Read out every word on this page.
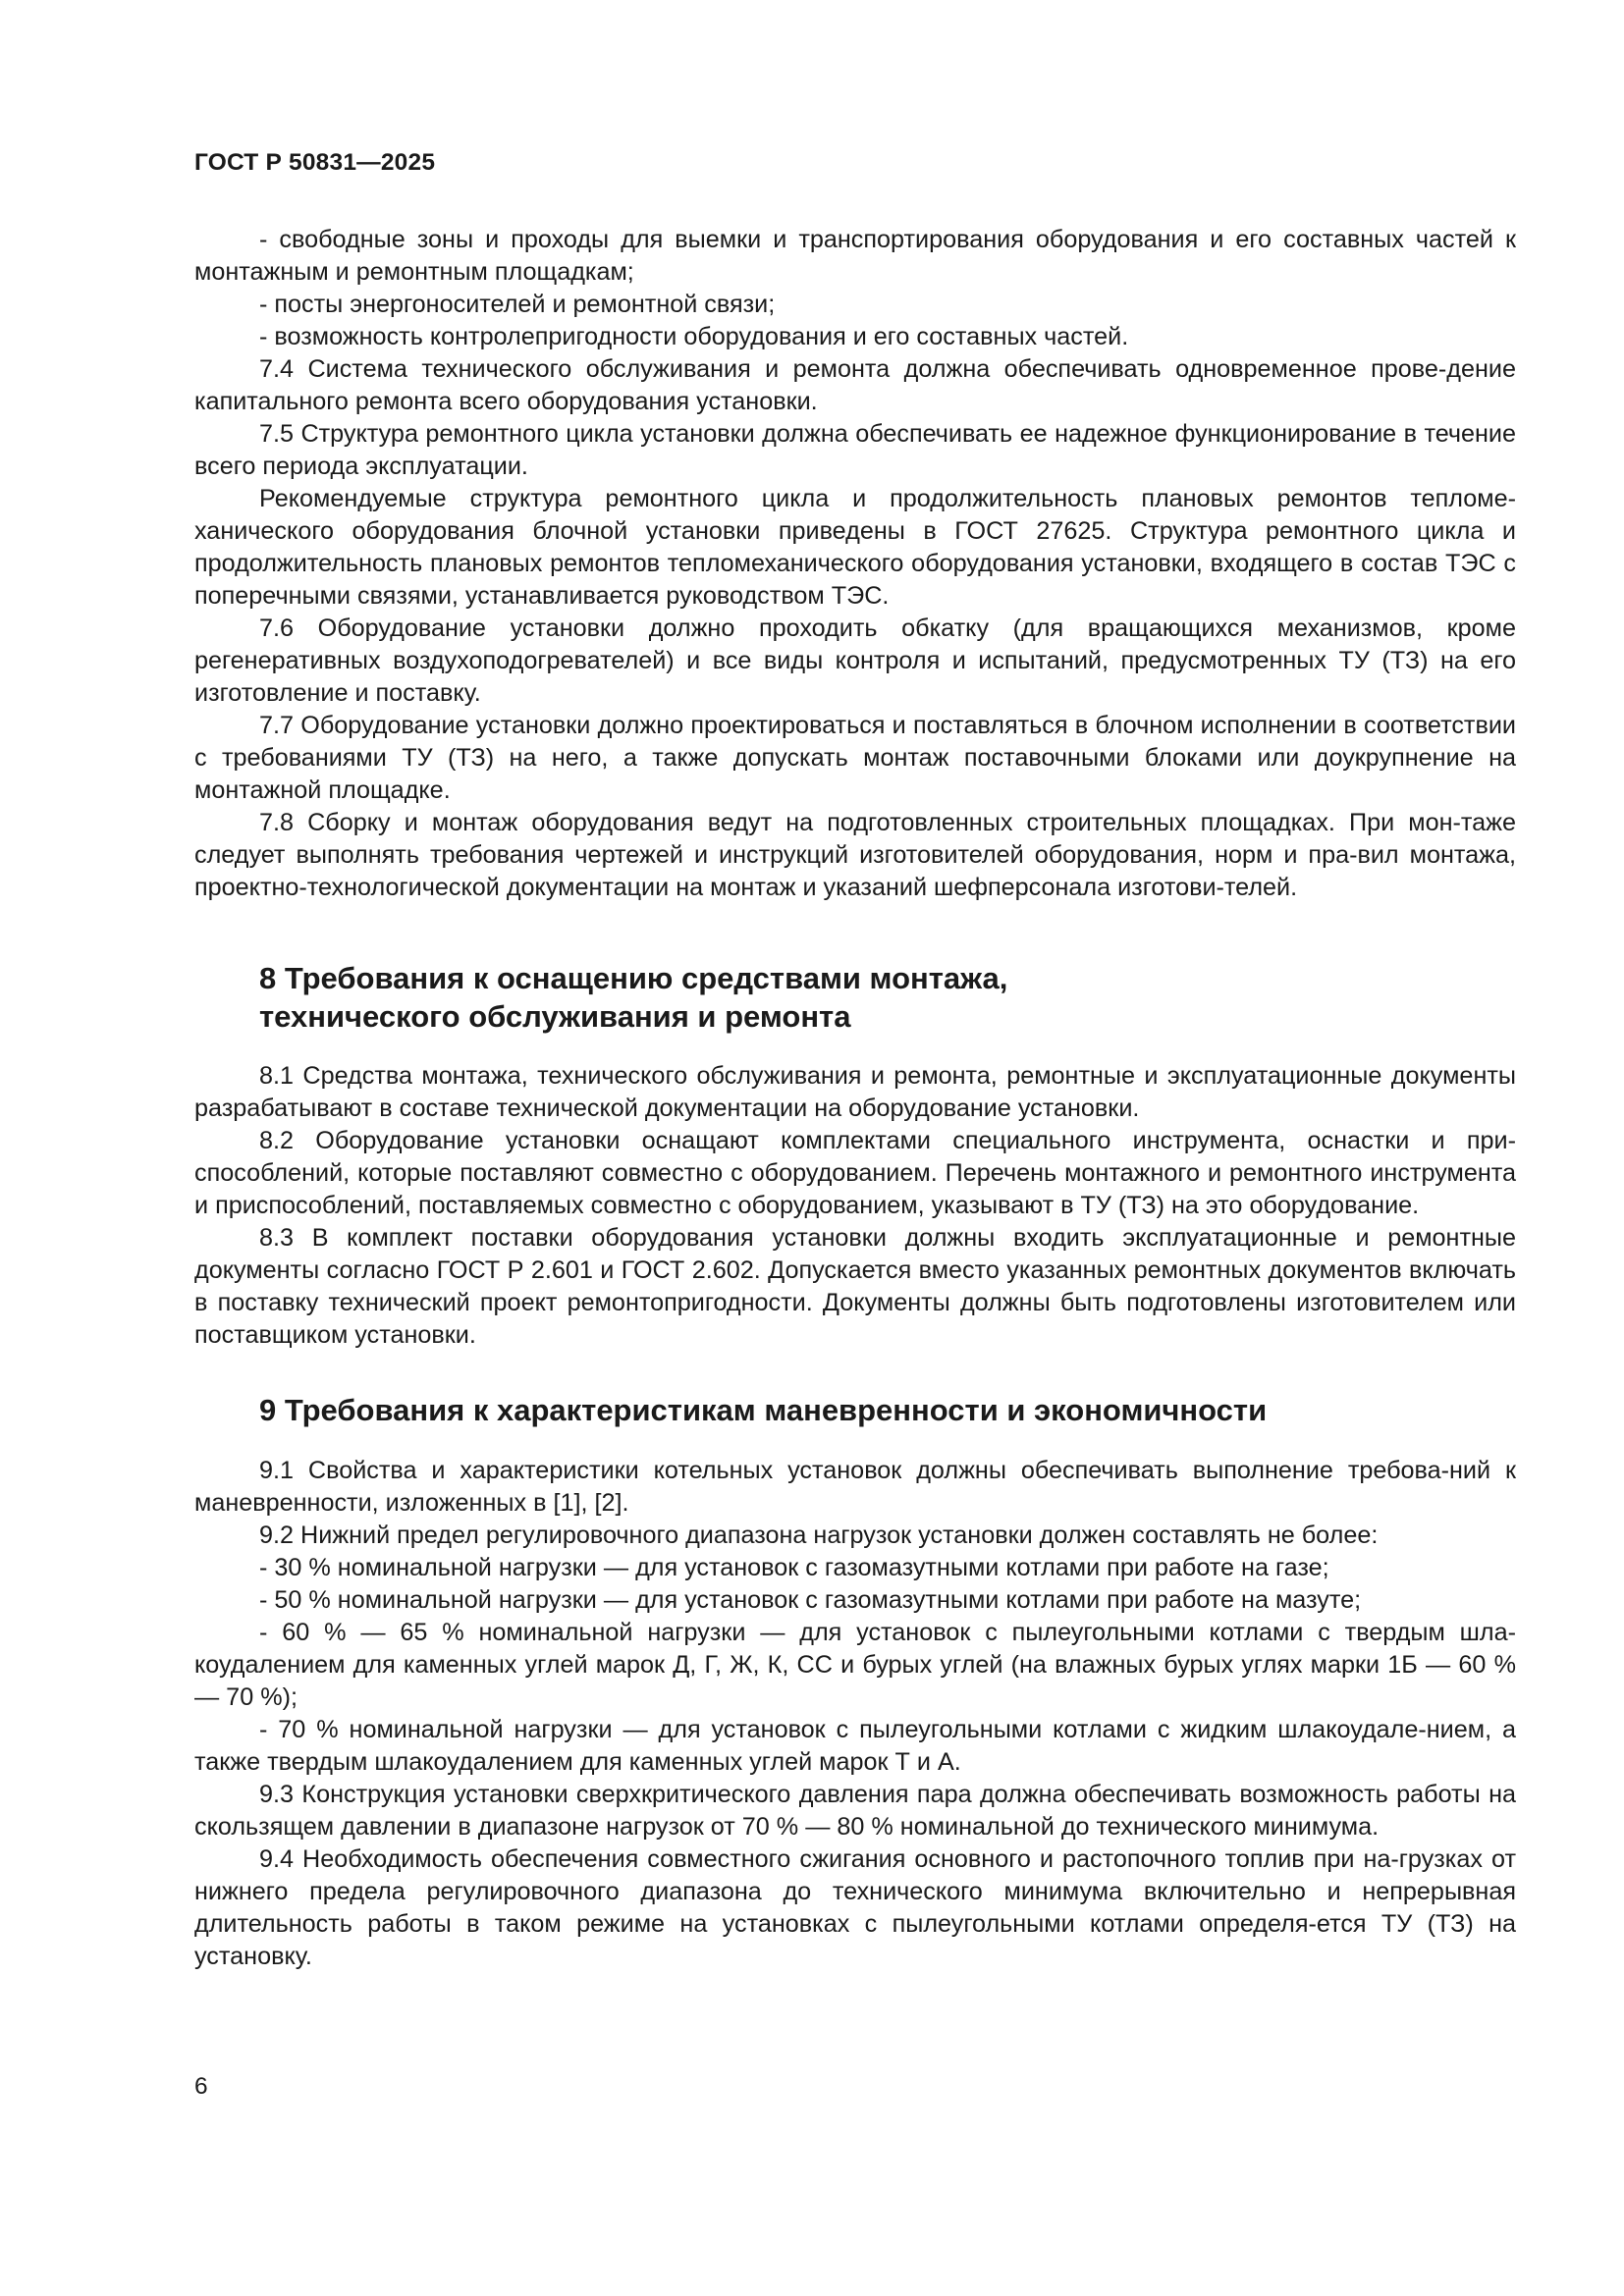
ГОСТ Р 50831—2025

- свободные зоны и проходы для выемки и транспортирования оборудования и его составных частей к монтажным и ремонтным площадкам;

- посты энергоносителей и ремонтной связи;

- возможность контролепригодности оборудования и его составных частей.

7.4 Система технического обслуживания и ремонта должна обеспечивать одновременное прове-дение капитального ремонта всего оборудования установки.

7.5 Структура ремонтного цикла установки должна обеспечивать ее надежное функционирование в течение всего периода эксплуатации.

Рекомендуемые структура ремонтного цикла и продолжительность плановых ремонтов тепломе-ханического оборудования блочной установки приведены в ГОСТ 27625. Структура ремонтного цикла и продолжительность плановых ремонтов тепломеханического оборудования установки, входящего в состав ТЭС с поперечными связями, устанавливается руководством ТЭС.

7.6 Оборудование установки должно проходить обкатку (для вращающихся механизмов, кроме регенеративных воздухоподогревателей) и все виды контроля и испытаний, предусмотренных ТУ (ТЗ) на его изготовление и поставку.

7.7 Оборудование установки должно проектироваться и поставляться в блочном исполнении в соответствии с требованиями ТУ (ТЗ) на него, а также допускать монтаж поставочными блоками или доукрупнение на монтажной площадке.

7.8 Сборку и монтаж оборудования ведут на подготовленных строительных площадках. При мон-таже следует выполнять требования чертежей и инструкций изготовителей оборудования, норм и пра-вил монтажа, проектно-технологической документации на монтаж и указаний шефперсонала изготови-телей.

8 Требования к оснащению средствами монтажа,
технического обслуживания и ремонта

8.1 Средства монтажа, технического обслуживания и ремонта, ремонтные и эксплуатационные документы разрабатывают в составе технической документации на оборудование установки.

8.2 Оборудование установки оснащают комплектами специального инструмента, оснастки и при-способлений, которые поставляют совместно с оборудованием. Перечень монтажного и ремонтного инструмента и приспособлений, поставляемых совместно с оборудованием, указывают в ТУ (ТЗ) на это оборудование.

8.3 В комплект поставки оборудования установки должны входить эксплуатационные и ремонтные документы согласно ГОСТ Р 2.601 и ГОСТ 2.602. Допускается вместо указанных ремонтных документов включать в поставку технический проект ремонтопригодности. Документы должны быть подготовлены изготовителем или поставщиком установки.

9 Требования к характеристикам маневренности и экономичности

9.1 Свойства и характеристики котельных установок должны обеспечивать выполнение требова-ний к маневренности, изложенных в [1], [2].

9.2 Нижний предел регулировочного диапазона нагрузок установки должен составлять не более:

- 30 % номинальной нагрузки — для установок с газомазутными котлами при работе на газе;

- 50 % номинальной нагрузки — для установок с газомазутными котлами при работе на мазуте;

- 60 % — 65 % номинальной нагрузки — для установок с пылеугольными котлами с твердым шла-коудалением для каменных углей марок Д, Г, Ж, К, СС и бурых углей (на влажных бурых углях марки 1Б — 60 % — 70 %);

- 70 % номинальной нагрузки — для установок с пылеугольными котлами с жидким шлакоудале-нием, а также твердым шлакоудалением для каменных углей марок Т и А.

9.3 Конструкция установки сверхкритического давления пара должна обеспечивать возможность работы на скользящем давлении в диапазоне нагрузок от 70 % — 80 % номинальной до технического минимума.

9.4 Необходимость обеспечения совместного сжигания основного и растопочного топлив при на-грузках от нижнего предела регулировочного диапазона до технического минимума включительно и непрерывная длительность работы в таком режиме на установках с пылеугольными котлами определя-ется ТУ (ТЗ) на установку.

6
